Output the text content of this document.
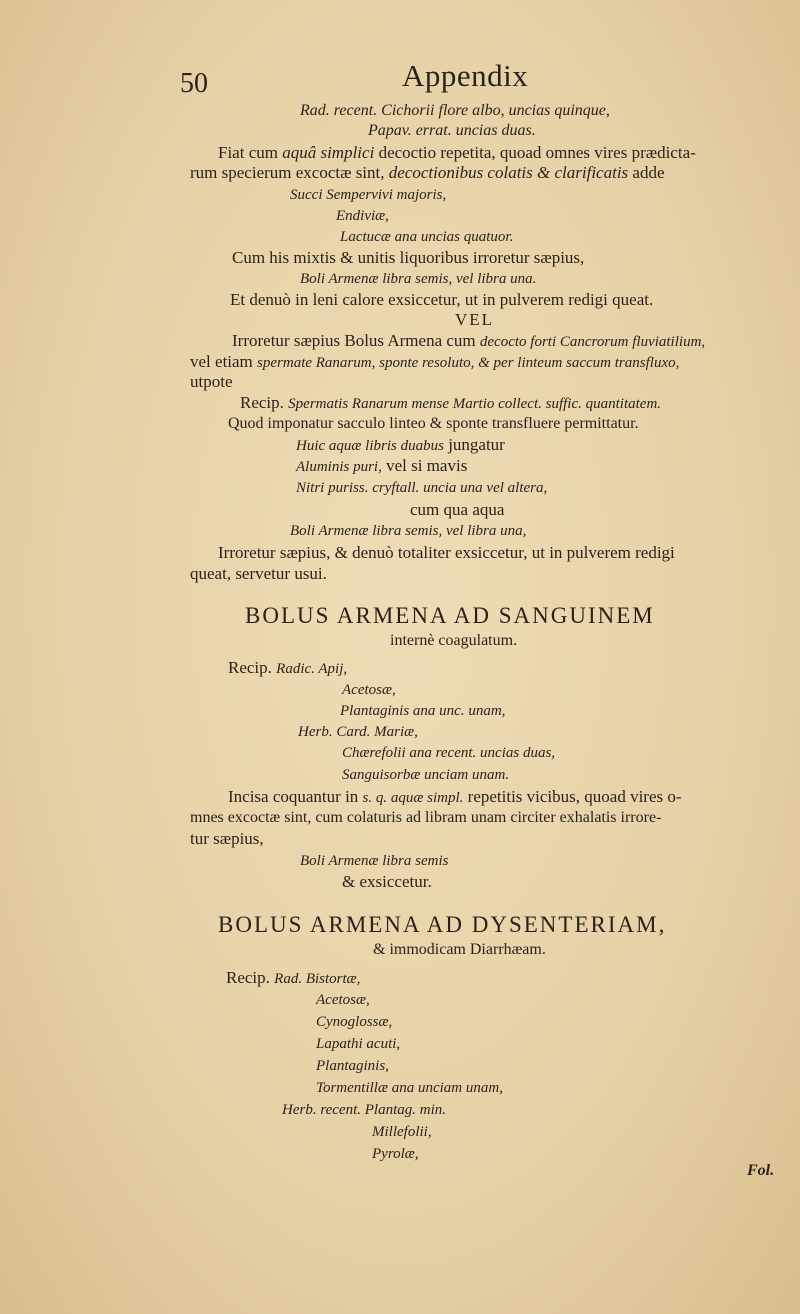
50	Appendix
Rad. recent. Cichorii flore albo, uncias quinque,
Papav. errat. uncias duas.
Fiat cum aquâ simplici decoctio repetita, quoad omnes vires prædicta-
rum specierum excoctæ sint, decoctionibus colatis & clarificatis adde
Succi Sempervivi majoris,
Endiviæ,
Lactucæ ana uncias quatuor.
Cum his mixtis & unitis liquoribus irroretur sæpius,
Boli Armenæ libra semis, vel libra una.
Et denuò in leni calore exsiccetur, ut in pulverem redigi queat.
VEL
Irroretur sæpius Bolus Armena cum decocto forti Cancrorum fluviatilium,
vel etiam spermate Ranarum, sponte resoluto, & per linteum saccum transfluxo,
utpote
Recip. Spermatis Ranarum mense Martio collect. suffic. quantitatem.
Quod imponatur sacculo linteo & sponte transfluere permittatur.
Huic aquæ libris duabus jungatur
Aluminis puri, vel si mavis
Nitri puriss. cryftall. uncia una vel altera,
cum qua aqua
Boli Armenæ libra semis, vel libra una,
Irroretur sæpius, & denuò totaliter exsiccetur, ut in pulverem redigi
queat, servetur usui.
BOLUS ARMENA AD SANGUINEM
internè coagulatum.
Recip. Radic. Apij,
Acetosæ,
Plantaginis ana unc. unam,
Herb. Card. Mariæ,
Chærefolii ana recent. uncias duas,
Sanguisorbæ unciam unam.
Incisa coquantur in s. q. aquæ simpl. repetitis vicibus, quoad vires o-
mnes excoctæ sint, cum colaturis ad libram unam circiter exhalatis irrore-
tur sæpius,
Boli Armenæ libra semis
& exsiccetur.
BOLUS ARMENA AD DYSENTERIAM,
& immodicam Diarrhæam.
Recip. Rad. Bistortæ,
Acetosæ,
Cynoglossæ,
Lapathi acuti,
Plantaginis,
Tormentillæ ana unciam unam,
Herb. recent. Plantag. min.
Millefolii,
Pyrolæ,
Fol.
